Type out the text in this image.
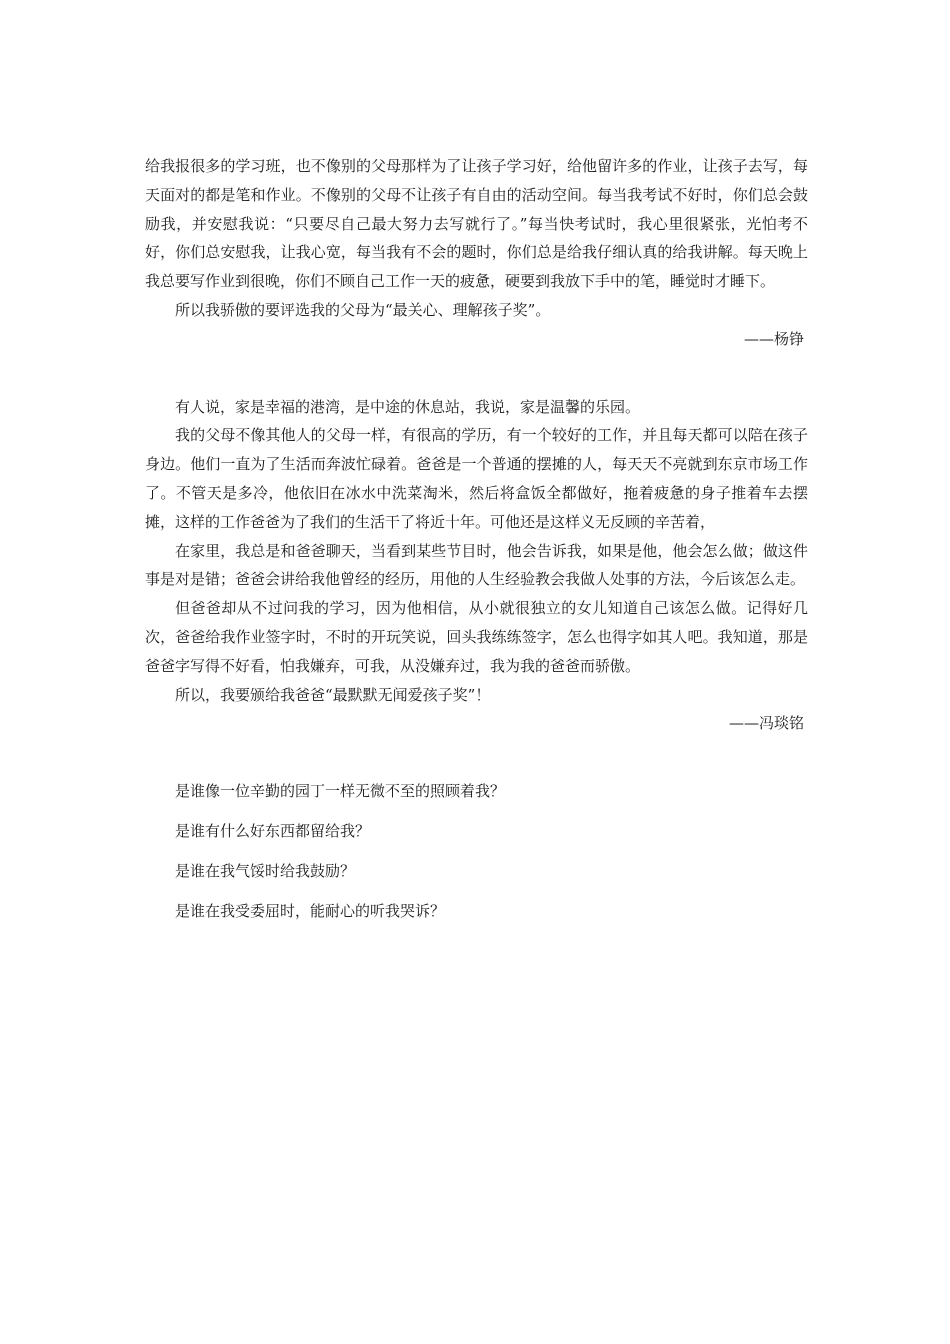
给我报很多的学习班，也不像别的父母那样为了让孩子学习好，给他留许多的作业，让孩子去写，每天面对的都是笔和作业。不像别的父母不让孩子有自由的活动空间。每当我考试不好时，你们总会鼓励我，并安慰我说：“只要尽自己最大努力去写就行了。”每当快考试时，我心里很紧张，光怕考不好，你们总安慰我，让我心宽，每当我有不会的题时，你们总是给我仔细认真的给我讲解。每天晚上我总要写作业到很晚，你们不顾自己工作一天的疲惫，硬要到我放下手中的笔，睡觉时才睡下。

所以我骄傲的要评选我的父母为“最关心、理解孩子奖”。

——杨铮

有人说，家是幸福的港湾，是中途的休息站，我说，家是温馨的乐园。

我的父母不像其他人的父母一样，有很高的学历，有一个较好的工作，并且每天都可以陪在孩子身边。他们一直为了生活而奔波忙碌着。爸爸是一个普通的摆摊的人，每天天不亮就到东京市场工作了。不管天是多冷，他依旧在冰水中洗菜淘米，然后将盒饭全都做好，拖着疲惫的身子推着车去摆摊，这样的工作爸爸为了我们的生活干了将近十年。可他还是这样义无反顾的辛苦着，

在家里，我总是和爸爸聊天，当看到某些节目时，他会告诉我，如果是他，他会怎么做；做这件事是对是错；爸爸会讲给我他曾经的经历，用他的人生经验教会我做人处事的方法，今后该怎么走。

但爸爸却从不过问我的学习，因为他相信，从小就很独立的女儿知道自己该怎么做。记得好几次，爸爸给我作业签字时，不时的开玩笑说，回头我练练签字，怎么也得字如其人吧。我知道，那是爸爸字写得不好看，怕我嫌弃，可我，从没嫌弃过，我为我的爸爸而骄傲。

所以，我要颁给我爸爸“最默默无闻爱孩子奖”！

——冯琰铭

是谁像一位辛勤的园丁一样无微不至的照顾着我？

是谁有什么好东西都留给我？

是谁在我气馁时给我鼓励？

是谁在我受委屈时，能耐心的听我哭诉？
